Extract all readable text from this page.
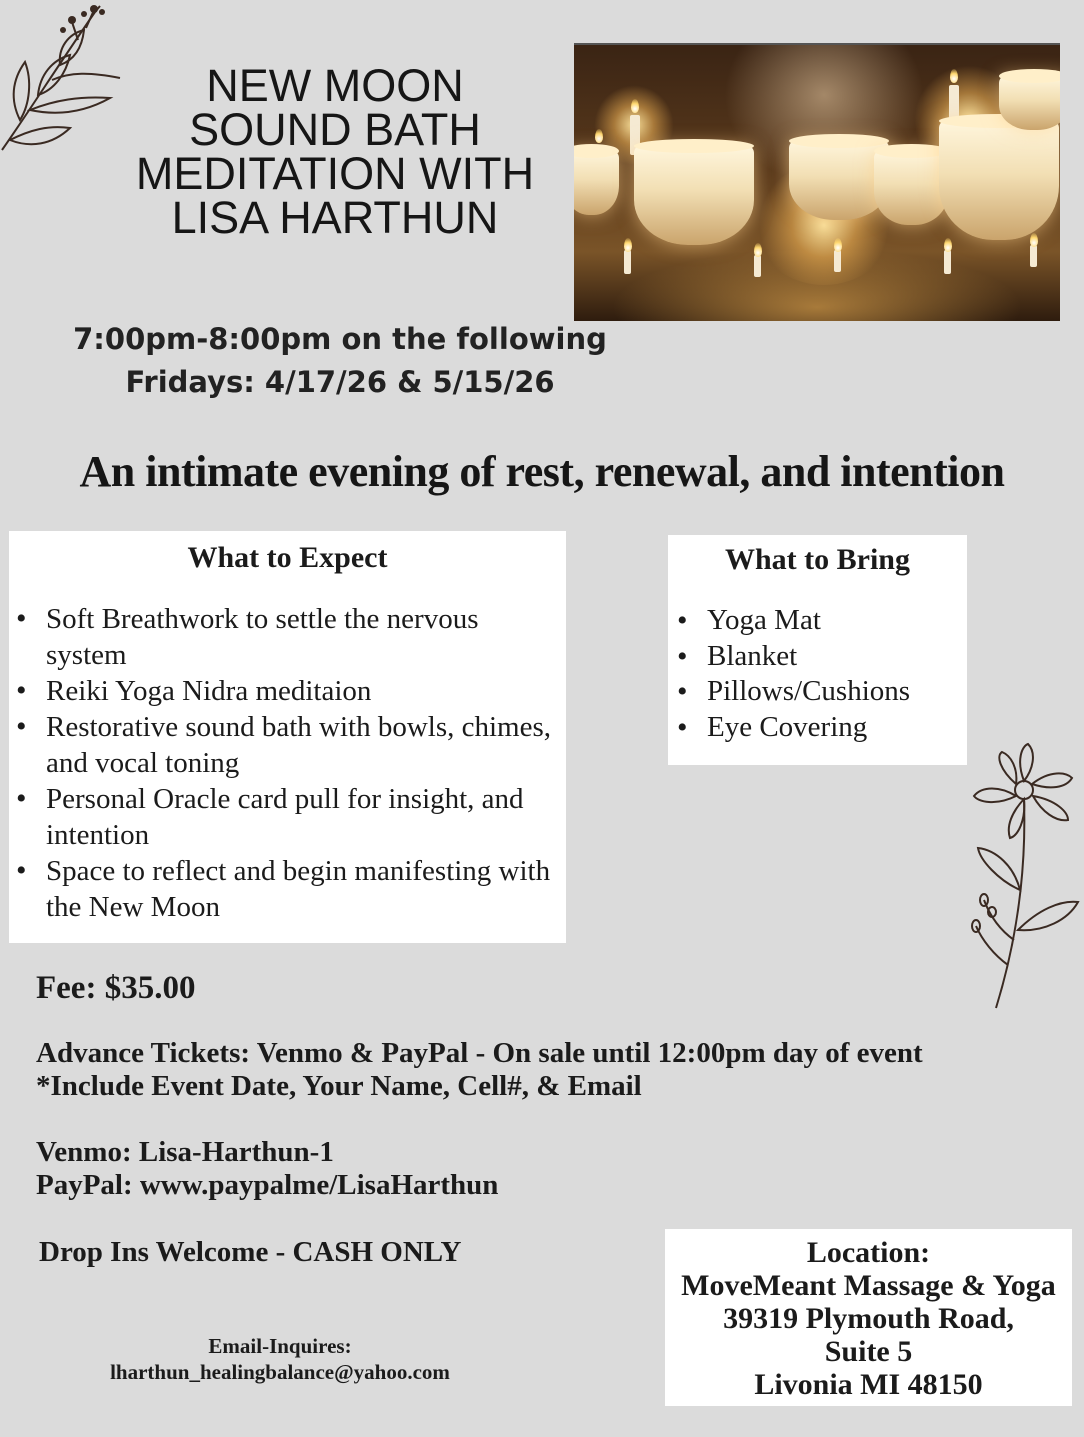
NEW MOON
SOUND BATH
MEDITATION WITH
LISA HARTHUN
7:00pm-8:00pm on the following
Fridays: 4/17/26 & 5/15/26
An intimate evening of rest, renewal, and intention
What to Expect
• Soft Breathwork to settle the nervous system
• Reiki Yoga Nidra meditaion
• Restorative sound bath with bowls, chimes, and vocal toning
• Personal Oracle card pull for insight, and intention
• Space to reflect and begin manifesting with the New Moon
What to Bring
• Yoga Mat
• Blanket
• Pillows/Cushions
• Eye Covering
Fee: $35.00
Advance Tickets: Venmo & PayPal - On sale until 12:00pm day of event
*Include Event Date, Your Name, Cell#, & Email
Venmo: Lisa-Harthun-1
PayPal: www.paypalme/LisaHarthun
Drop Ins Welcome - CASH ONLY
Email-Inquires:
lharthun_healingbalance@yahoo.com
Location:
MoveMeant Massage & Yoga
39319 Plymouth Road,
Suite 5
Livonia MI 48150
